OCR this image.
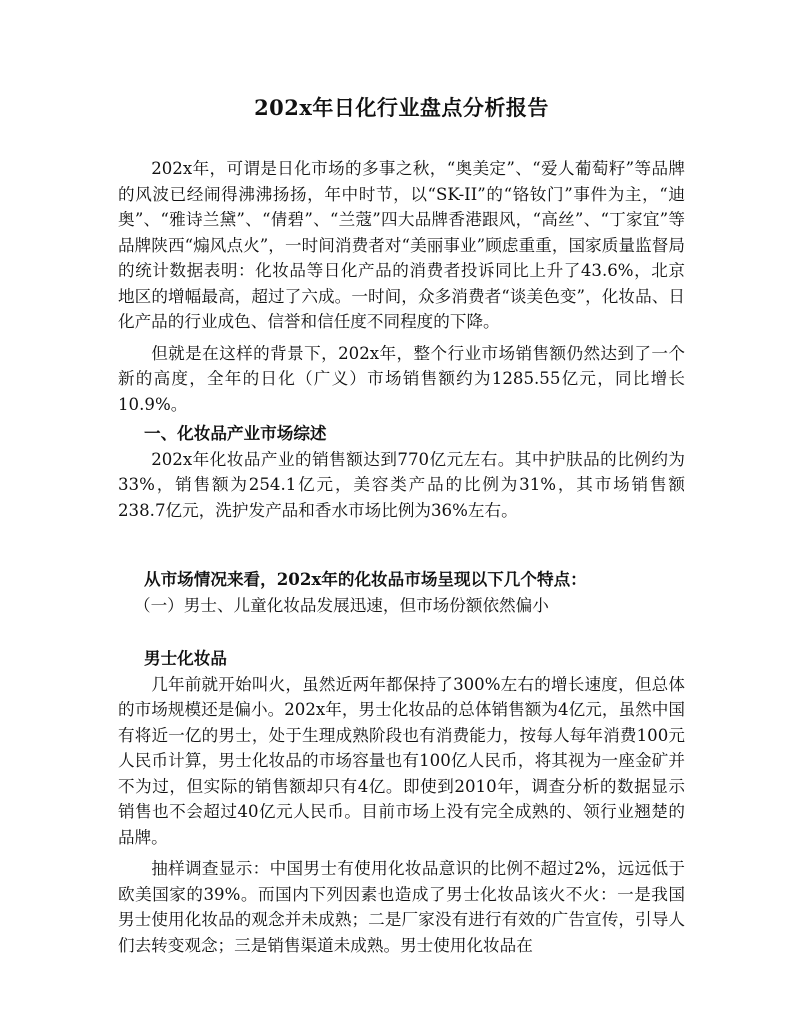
202x年日化行业盘点分析报告

202x年，可谓是日化市场的多事之秋，“奥美定”、“爱人葡萄籽”等品牌的风波已经闹得沸沸扬扬，年中时节，以“SK-II”的“铬钕门”事件为主，“迪奥”、“雅诗兰黛”、“倩碧”、“兰蔻”四大品牌香港跟风，“高丝”、“丁家宜”等品牌陕西“煽风点火”，一时间消费者对“美丽事业”顾虑重重，国家质量监督局的统计数据表明：化妆品等日化产品的消费者投诉同比上升了43.6%，北京地区的增幅最高，超过了六成。一时间，众多消费者“谈美色变”，化妆品、日化产品的行业成色、信誉和信任度不同程度的下降。

但就是在这样的背景下，202x年，整个行业市场销售额仍然达到了一个新的高度，全年的日化（广义）市场销售额约为1285.55亿元，同比增长10.9%。

一、化妆品产业市场综述

202x年化妆品产业的销售额达到770亿元左右。其中护肤品的比例约为33%，销售额为254.1亿元，美容类产品的比例为31%，其市场销售额238.7亿元，洗护发产品和香水市场比例为36%左右。

从市场情况来看，202x年的化妆品市场呈现以下几个特点：

（一）男士、儿童化妆品发展迅速，但市场份额依然偏小

男士化妆品

几年前就开始叫火，虽然近两年都保持了300%左右的增长速度，但总体的市场规模还是偏小。202x年，男士化妆品的总体销售额为4亿元，虽然中国有将近一亿的男士，处于生理成熟阶段也有消费能力，按每人每年消费100元人民币计算，男士化妆品的市场容量也有100亿人民币，将其视为一座金矿并不为过，但实际的销售额却只有4亿。即使到2010年，调查分析的数据显示销售也不会超过40亿元人民币。目前市场上没有完全成熟的、领行业翘楚的品牌。

抽样调查显示：中国男士有使用化妆品意识的比例不超过2%，远远低于欧美国家的39%。而国内下列因素也造成了男士化妆品该火不火：一是我国男士使用化妆品的观念并未成熟；二是厂家没有进行有效的广告宣传，引导人们去转变观念；三是销售渠道未成熟。男士使用化妆品在
